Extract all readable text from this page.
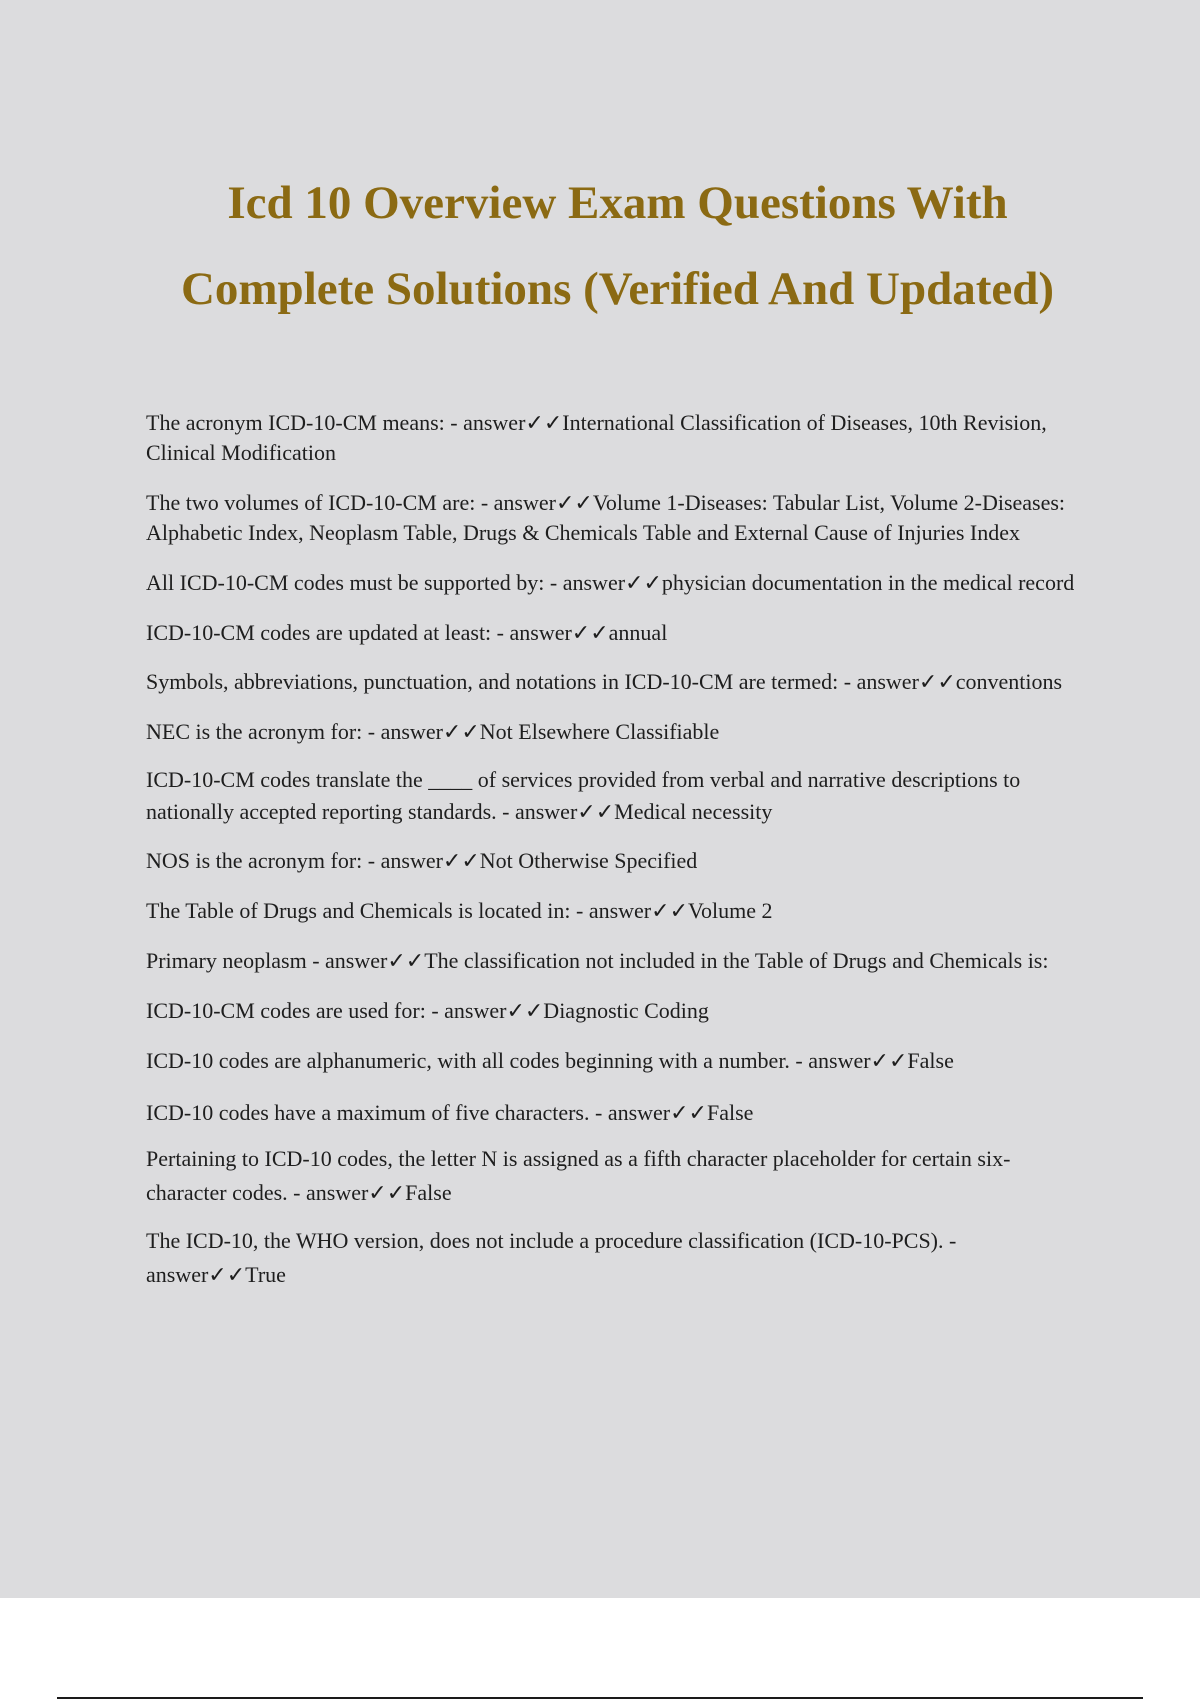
Icd 10 Overview Exam Questions With
Complete Solutions (Verified And Updated)
The acronym ICD-10-CM means: - answer✓✓International Classification of Diseases, 10th Revision, Clinical Modification
The two volumes of ICD-10-CM are: - answer✓✓Volume 1-Diseases: Tabular List, Volume 2-Diseases: Alphabetic Index, Neoplasm Table, Drugs & Chemicals Table and External Cause of Injuries Index
All ICD-10-CM codes must be supported by: - answer✓✓physician documentation in the medical record
ICD-10-CM codes are updated at least: - answer✓✓annual
Symbols, abbreviations, punctuation, and notations in ICD-10-CM are termed: - answer✓✓conventions
NEC is the acronym for: - answer✓✓Not Elsewhere Classifiable
ICD-10-CM codes translate the ____ of services provided from verbal and narrative descriptions to nationally accepted reporting standards. - answer✓✓Medical necessity
NOS is the acronym for: - answer✓✓Not Otherwise Specified
The Table of Drugs and Chemicals is located in: - answer✓✓Volume 2
Primary neoplasm - answer✓✓The classification not included in the Table of Drugs and Chemicals is:
ICD-10-CM codes are used for: - answer✓✓Diagnostic Coding
ICD-10 codes are alphanumeric, with all codes beginning with a number. - answer✓✓False
ICD-10 codes have a maximum of five characters. - answer✓✓False
Pertaining to ICD-10 codes, the letter N is assigned as a fifth character placeholder for certain six-character codes. - answer✓✓False
The ICD-10, the WHO version, does not include a procedure classification (ICD-10-PCS). - answer✓✓True
